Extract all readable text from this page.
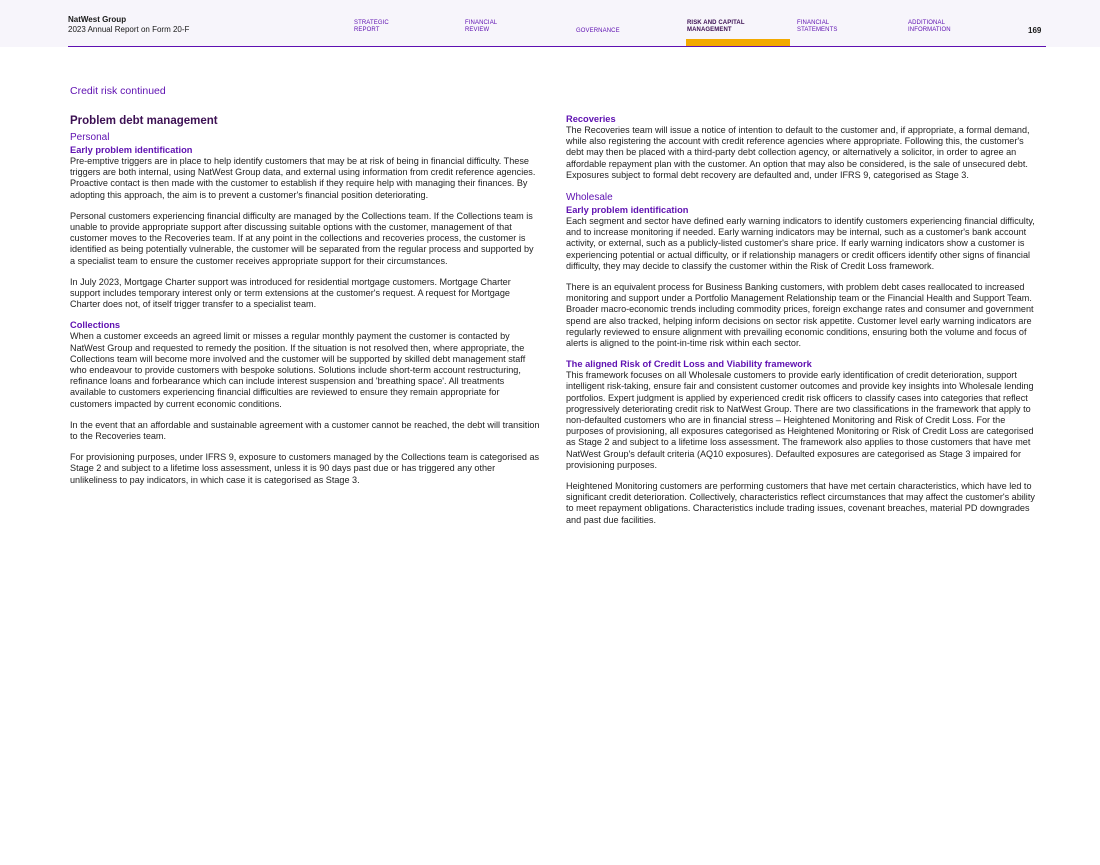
NatWest Group
2023 Annual Report on Form 20-F
STRATEGIC
REPORT
FINANCIAL
REVIEW	GOVERNANCE
RISK AND CAPITAL
MANAGEMENT
FINANCIAL
STATEMENTS
ADDITIONAL
INFORMATION	169
Credit risk continued
Problem debt management
Personal
Early problem identification

Pre-emptive triggers are in place to help identify customers that may be at risk of being in financial difficulty. These triggers are both internal, using NatWest Group data, and external using information from credit reference agencies. Proactive contact is then made with the customer to establish if they require help with managing their finances. By adopting this approach, the aim is to prevent a customer's financial position deteriorating.

Personal customers experiencing financial difficulty are managed by the Collections team. If the Collections team is unable to provide appropriate support after discussing suitable options with the customer, management of that customer moves to the Recoveries team. If at any point in the collections and recoveries process, the customer is identified as being potentially vulnerable, the customer will be separated from the regular process and supported by a specialist team to ensure the customer receives appropriate support for their circumstances.

In July 2023, Mortgage Charter support was introduced for residential mortgage customers. Mortgage Charter support includes temporary interest only or term extensions at the customer's request. A request for Mortgage Charter does not, of itself trigger transfer to a specialist team.

Collections

When a customer exceeds an agreed limit or misses a regular monthly payment the customer is contacted by NatWest Group and requested to remedy the position. If the situation is not resolved then, where appropriate, the Collections team will become more involved and the customer will be supported by skilled debt management staff who endeavour to provide customers with bespoke solutions. Solutions include short-term account restructuring, refinance loans and forbearance which can include interest suspension and 'breathing space'. All treatments available to customers experiencing financial difficulties are reviewed to ensure they remain appropriate for customers impacted by current economic conditions.

In the event that an affordable and sustainable agreement with a customer cannot be reached, the debt will transition to the Recoveries team.

For provisioning purposes, under IFRS 9, exposure to customers managed by the Collections team is categorised as Stage 2 and subject to a lifetime loss assessment, unless it is 90 days past due or has triggered any other unlikeliness to pay indicators, in which case it is categorised as Stage 3.

Recoveries

The Recoveries team will issue a notice of intention to default to the customer and, if appropriate, a formal demand, while also registering the account with credit reference agencies where appropriate. Following this, the customer's debt may then be placed with a third-party debt collection agency, or alternatively a solicitor, in order to agree an affordable repayment plan with the customer. An option that may also be considered, is the sale of unsecured debt. Exposures subject to formal debt recovery are defaulted and, under IFRS 9, categorised as Stage 3.

Wholesale
Early problem identification

Each segment and sector have defined early warning indicators to identify customers experiencing financial difficulty, and to increase monitoring if needed. Early warning indicators may be internal, such as a customer's bank account activity, or external, such as a publicly-listed customer's share price. If early warning indicators show a customer is experiencing potential or actual difficulty, or if relationship managers or credit officers identify other signs of financial difficulty, they may decide to classify the customer within the Risk of Credit Loss framework.

There is an equivalent process for Business Banking customers, with problem debt cases reallocated to increased monitoring and support under a Portfolio Management Relationship team or the Financial Health and Support Team. Broader macro-economic trends including commodity prices, foreign exchange rates and consumer and government spend are also tracked, helping inform decisions on sector risk appetite. Customer level early warning indicators are regularly reviewed to ensure alignment with prevailing economic conditions, ensuring both the volume and focus of alerts is aligned to the point-in-time risk within each sector.

The aligned Risk of Credit Loss and Viability framework

This framework focuses on all Wholesale customers to provide early identification of credit deterioration, support intelligent risk-taking, ensure fair and consistent customer outcomes and provide key insights into Wholesale lending portfolios. Expert judgment is applied by experienced credit risk officers to classify cases into categories that reflect progressively deteriorating credit risk to NatWest Group. There are two classifications in the framework that apply to non-defaulted customers who are in financial stress – Heightened Monitoring and Risk of Credit Loss. For the purposes of provisioning, all exposures categorised as Heightened Monitoring or Risk of Credit Loss are categorised as Stage 2 and subject to a lifetime loss assessment. The framework also applies to those customers that have met NatWest Group's default criteria (AQ10 exposures). Defaulted exposures are categorised as Stage 3 impaired for provisioning purposes.

Heightened Monitoring customers are performing customers that have met certain characteristics, which have led to significant credit deterioration. Collectively, characteristics reflect circumstances that may affect the customer's ability to meet repayment obligations. Characteristics include trading issues, covenant breaches, material PD downgrades and past due facilities.
